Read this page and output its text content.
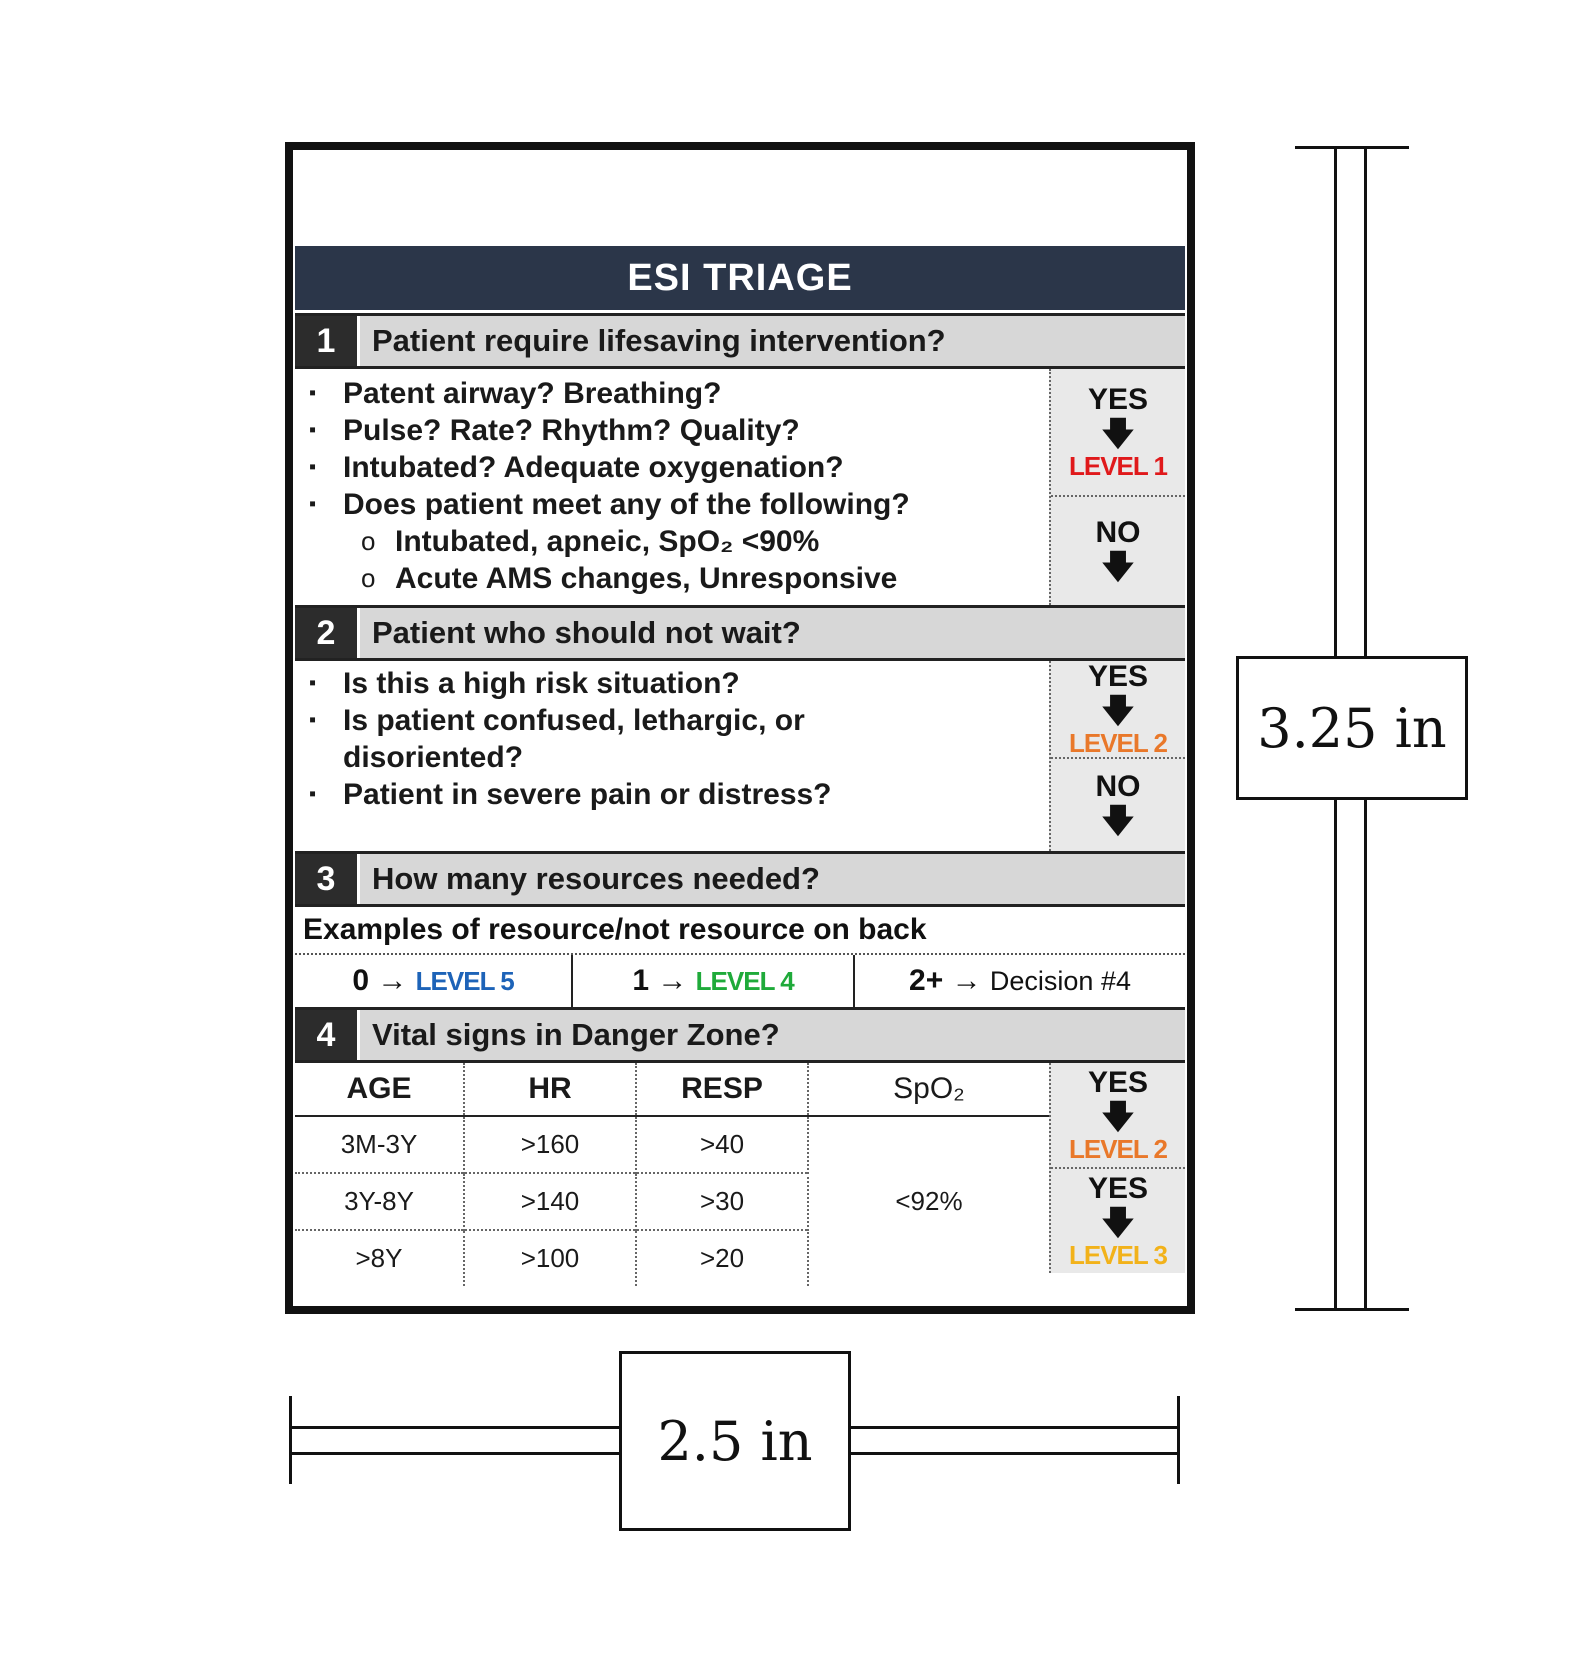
ESI TRIAGE
1	Patient require lifesaving intervention?
▪ Patent airway? Breathing?
▪ Pulse? Rate? Rhythm? Quality?
▪ Intubated? Adequate oxygenation?
▪ Does patient meet any of the following?
o Intubated, apneic, SpO₂ <90%
o Acute AMS changes, Unresponsive
YES
🡇
LEVEL 1
NO
🡇
2	Patient who should not wait?
▪ Is this a high risk situation?
▪ Is patient confused, lethargic, or disoriented?
▪ Patient in severe pain or distress?
YES
🡇
LEVEL 2
NO
🡇
3	How many resources needed?
Examples of resource/not resource on back
0 → LEVEL 5	1 → LEVEL 4	2+ → Decision #4
4	Vital signs in Danger Zone?
AGE	HR	RESP	SpO₂
3M-3Y	>160	>40	<92%
3Y-8Y	>140	>30	
>8Y	>100	>20	
YES
🡇
LEVEL 2
YES
🡇
LEVEL 3
3.25 in
2.5 in
